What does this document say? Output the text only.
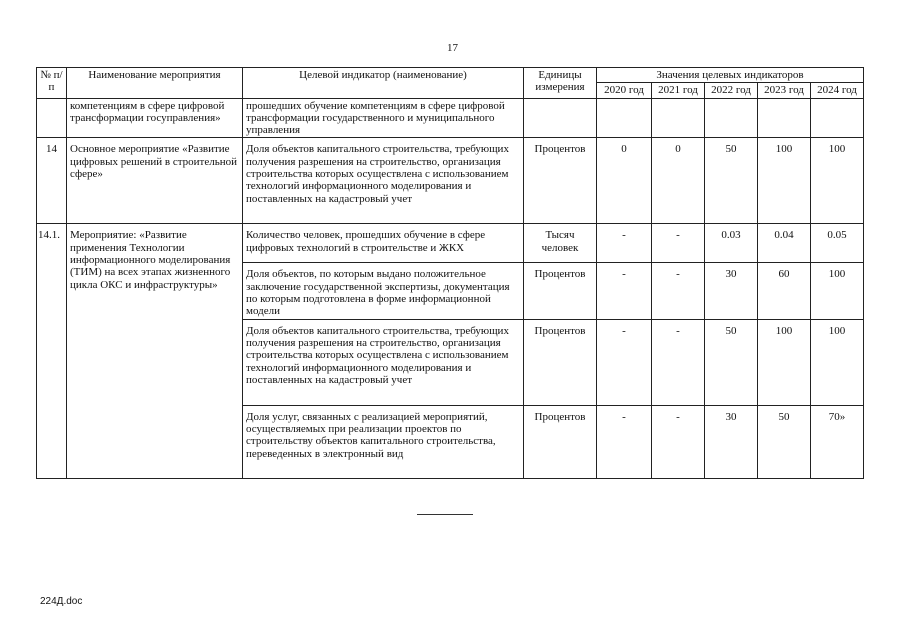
17
№ п/п	Наименование мероприятия	Целевой индикатор (наименование)	Единицы измерения	Значения целевых индикаторов				
				2020 год	2021 год	2022 год	2023 год	2024 год
	компетенциям в сфере цифровой трансформации госуправления»	прошедших обучение компетенциям в сфере цифровой трансформации государственного и муниципального управления						
14	Основное мероприятие «Развитие цифровых решений в строительной сфере»	Доля объектов капитального строительства, требующих получения разрешения на строительство, организация строительства которых осуществлена с использованием технологий информационного моделирования и поставленных на кадастровый учет	Процентов	0	0	50	100	100
14.1.	Мероприятие: «Развитие применения Технологии информационного моделирования (ТИМ) на всех этапах жизненного цикла ОКС и инфраструктуры»	Количество человек, прошедших обучение в сфере цифровых технологий в строительстве и ЖКХ	Тысяч человек	-	-	0.03	0.04	0.05
		Доля объектов, по которым выдано положительное заключение государственной экспертизы, документация по которым подготовлена в форме информационной модели	Процентов	-	-	30	60	100
		Доля объектов капитального строительства, требующих получения разрешения на строительство, организация строительства которых осуществлена с использованием технологий информационного моделирования и поставленных на кадастровый учет	Процентов	-	-	50	100	100
		Доля услуг, связанных с реализацией мероприятий, осуществляемых при реализации проектов по строительству объектов капитального строительства, переведенных в электронный вид	Процентов	-	-	30	50	70»
224Д.doc
